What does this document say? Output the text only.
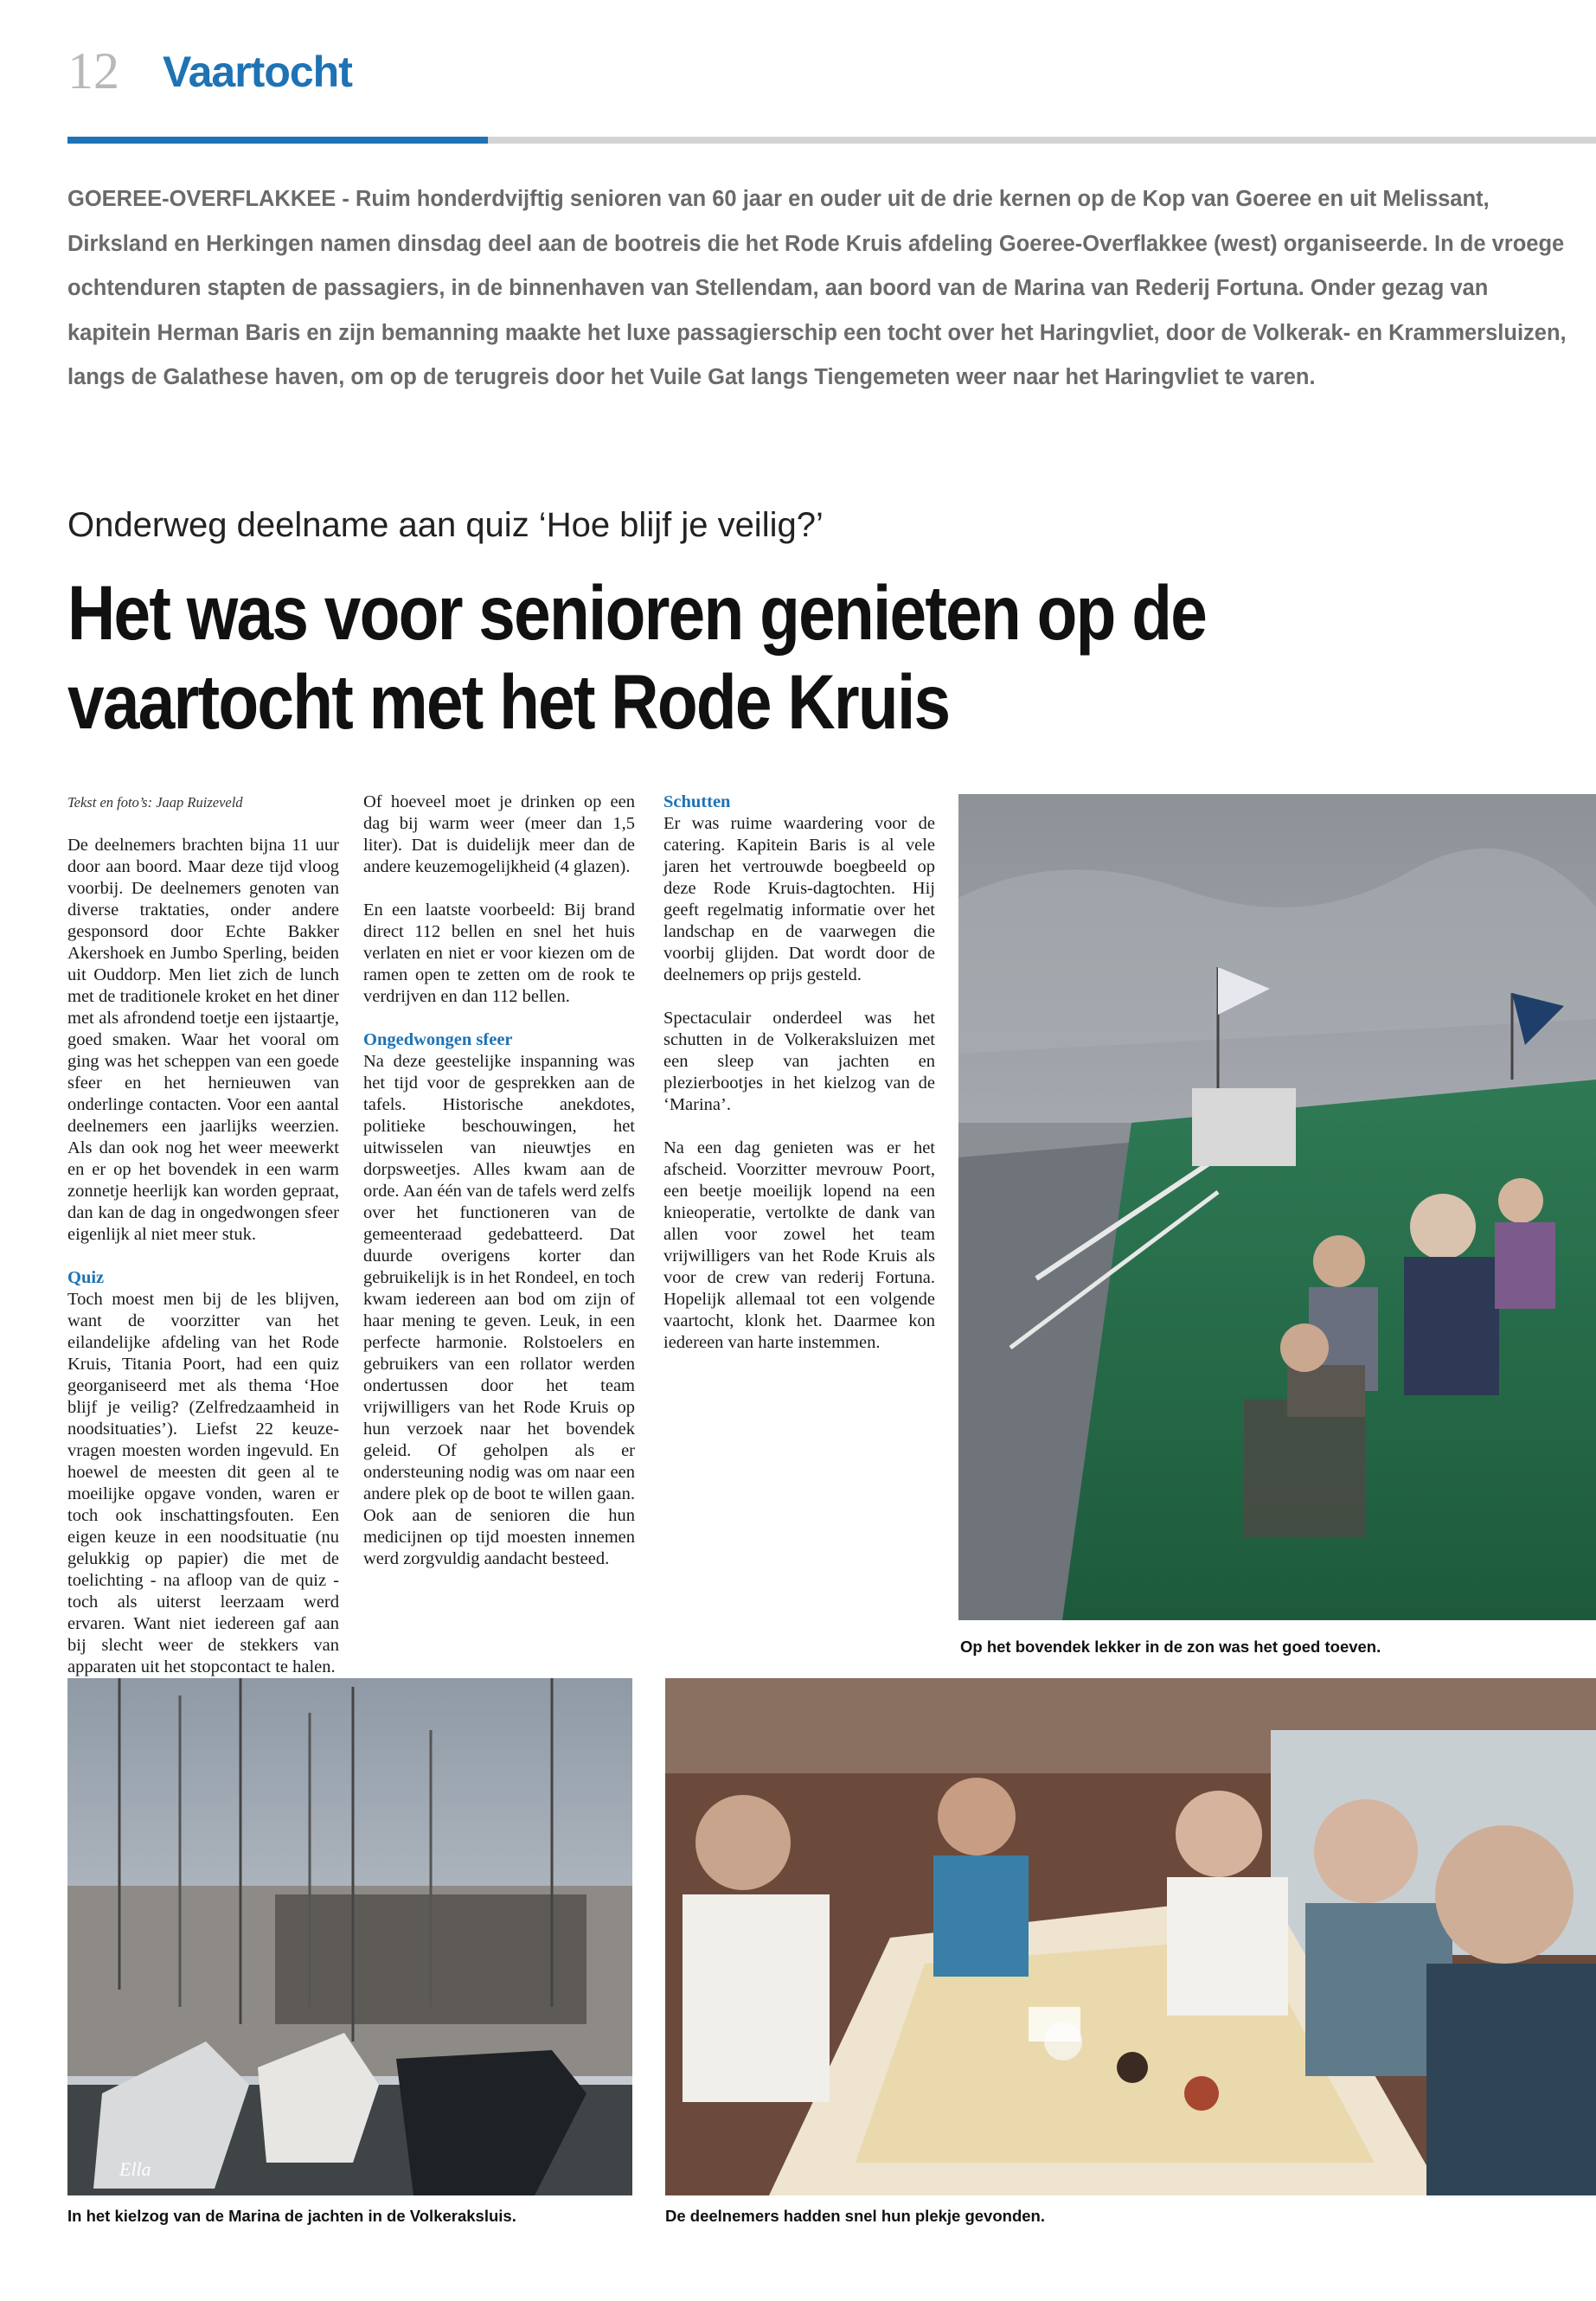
12 Vaartocht

GOEREE-OVERFLAKKEE - Ruim honderdvijftig senioren van 60 jaar en ouder uit de drie kernen op de Kop van Goeree en uit Melissant, Dirksland en Herkingen namen dinsdag deel aan de bootreis die het Rode Kruis afdeling Goeree-Overflakkee (west) organiseerde. In de vroege ochtenduren stapten de passagiers, in de binnenhaven van Stellendam, aan boord van de Marina van Rederij Fortuna. Onder gezag van kapitein Herman Baris en zijn bemanning maakte het luxe passagierschip een tocht over het Haringvliet, door de Volkerak- en Krammersluizen, langs de Galathese haven, om op de terugreis door het Vuile Gat langs Tiengemeten weer naar het Haringvliet te varen.

Onderweg deelname aan quiz ‘Hoe blijf je veilig?’
Het was voor senioren genieten op de vaartocht met het Rode Kruis

Tekst en foto’s: Jaap Ruizeveld

De deelnemers brachten bijna 11 uur door aan boord. Maar deze tijd vloog voorbij. De deelnemers genoten van diverse traktaties, onder andere gesponsord door Echte Bakker Akershoek en Jumbo Sperling, beiden uit Ouddorp. Men liet zich de lunch met de traditionele kroket en het diner met als afrondend toetje een ijstaartje, goed smaken. Waar het vooral om ging was het scheppen van een goede sfeer en het hernieuwen van onderlinge contacten. Voor een aantal deelnemers een jaarlijks weerzien. Als dan ook nog het weer meewerkt en er op het bovendek in een warm zonnetje heerlijk kan worden gepraat, dan kan de dag in ongedwongen sfeer eigenlijk al niet meer stuk.

Quiz

Toch moest men bij de les blijven, want de voorzitter van het eilandelijke afdeling van het Rode Kruis, Titania Poort, had een quiz georganiseerd met als thema ‘Hoe blijf je veilig? (Zelfredzaamheid in noodsituaties’). Liefst 22 keuze-vragen moesten worden ingevuld. En hoewel de meesten dit geen al te moeilijke opgave vonden, waren er toch ook inschattingsfouten. Een eigen keuze in een noodsituatie (nu gelukkig op papier) die met de toelichting - na afloop van de quiz - toch als uiterst leerzaam werd ervaren. Want niet iedereen gaf aan bij slecht weer de stekkers van apparaten uit het stopcontact te halen.

Of hoeveel moet je drinken op een dag bij warm weer (meer dan 1,5 liter). Dat is duidelijk meer dan de andere keuzemogelijkheid (4 glazen).

En een laatste voorbeeld: Bij brand direct 112 bellen en snel het huis verlaten en niet er voor kiezen om de ramen open te zetten om de rook te verdrijven en dan 112 bellen.

Ongedwongen sfeer

Na deze geestelijke inspanning was het tijd voor de gesprekken aan de tafels. Historische anekdotes, politieke beschouwingen, het uitwisselen van nieuwtjes en dorpsweetjes. Alles kwam aan de orde. Aan één van de tafels werd zelfs over het functioneren van de gemeenteraad gedebatteerd. Dat duurde overigens korter dan gebruikelijk is in het Rondeel, en toch kwam iedereen aan bod om zijn of haar mening te geven. Leuk, in een perfecte harmonie. Rolstoelers en gebruikers van een rollator werden ondertussen door het team vrijwilligers van het Rode Kruis op hun verzoek naar het bovendek geleid. Of geholpen als er ondersteuning nodig was om naar een andere plek op de boot te willen gaan. Ook aan de senioren die hun medicijnen op tijd moesten innemen werd zorgvuldig aandacht besteed.

Schutten

Er was ruime waardering voor de catering. Kapitein Baris is al vele jaren het vertrouwde boegbeeld op deze Rode Kruis-dagtochten. Hij geeft regelmatig informatie over het landschap en de vaarwegen die voorbij glijden. Dat wordt door de deelnemers op prijs gesteld.

Spectaculair onderdeel was het schutten in de Volkeraksluizen met een sleep van jachten en plezierbootjes in het kielzog van de ‘Marina’.

Na een dag genieten was er het afscheid. Voorzitter mevrouw Poort, een beetje moeilijk lopend na een knieoperatie, vertolkte de dank van allen voor zowel het team vrijwilligers van het Rode Kruis als voor de crew van rederij Fortuna. Hopelijk allemaal tot een volgende vaartocht, klonk het. Daarmee kon iedereen van harte instemmen.

Op het bovendek lekker in de zon was het goed toeven.
Ella
In het kielzog van de Marina de jachten in de Volkeraksluis.	De deelnemers hadden snel hun plekje gevonden.
